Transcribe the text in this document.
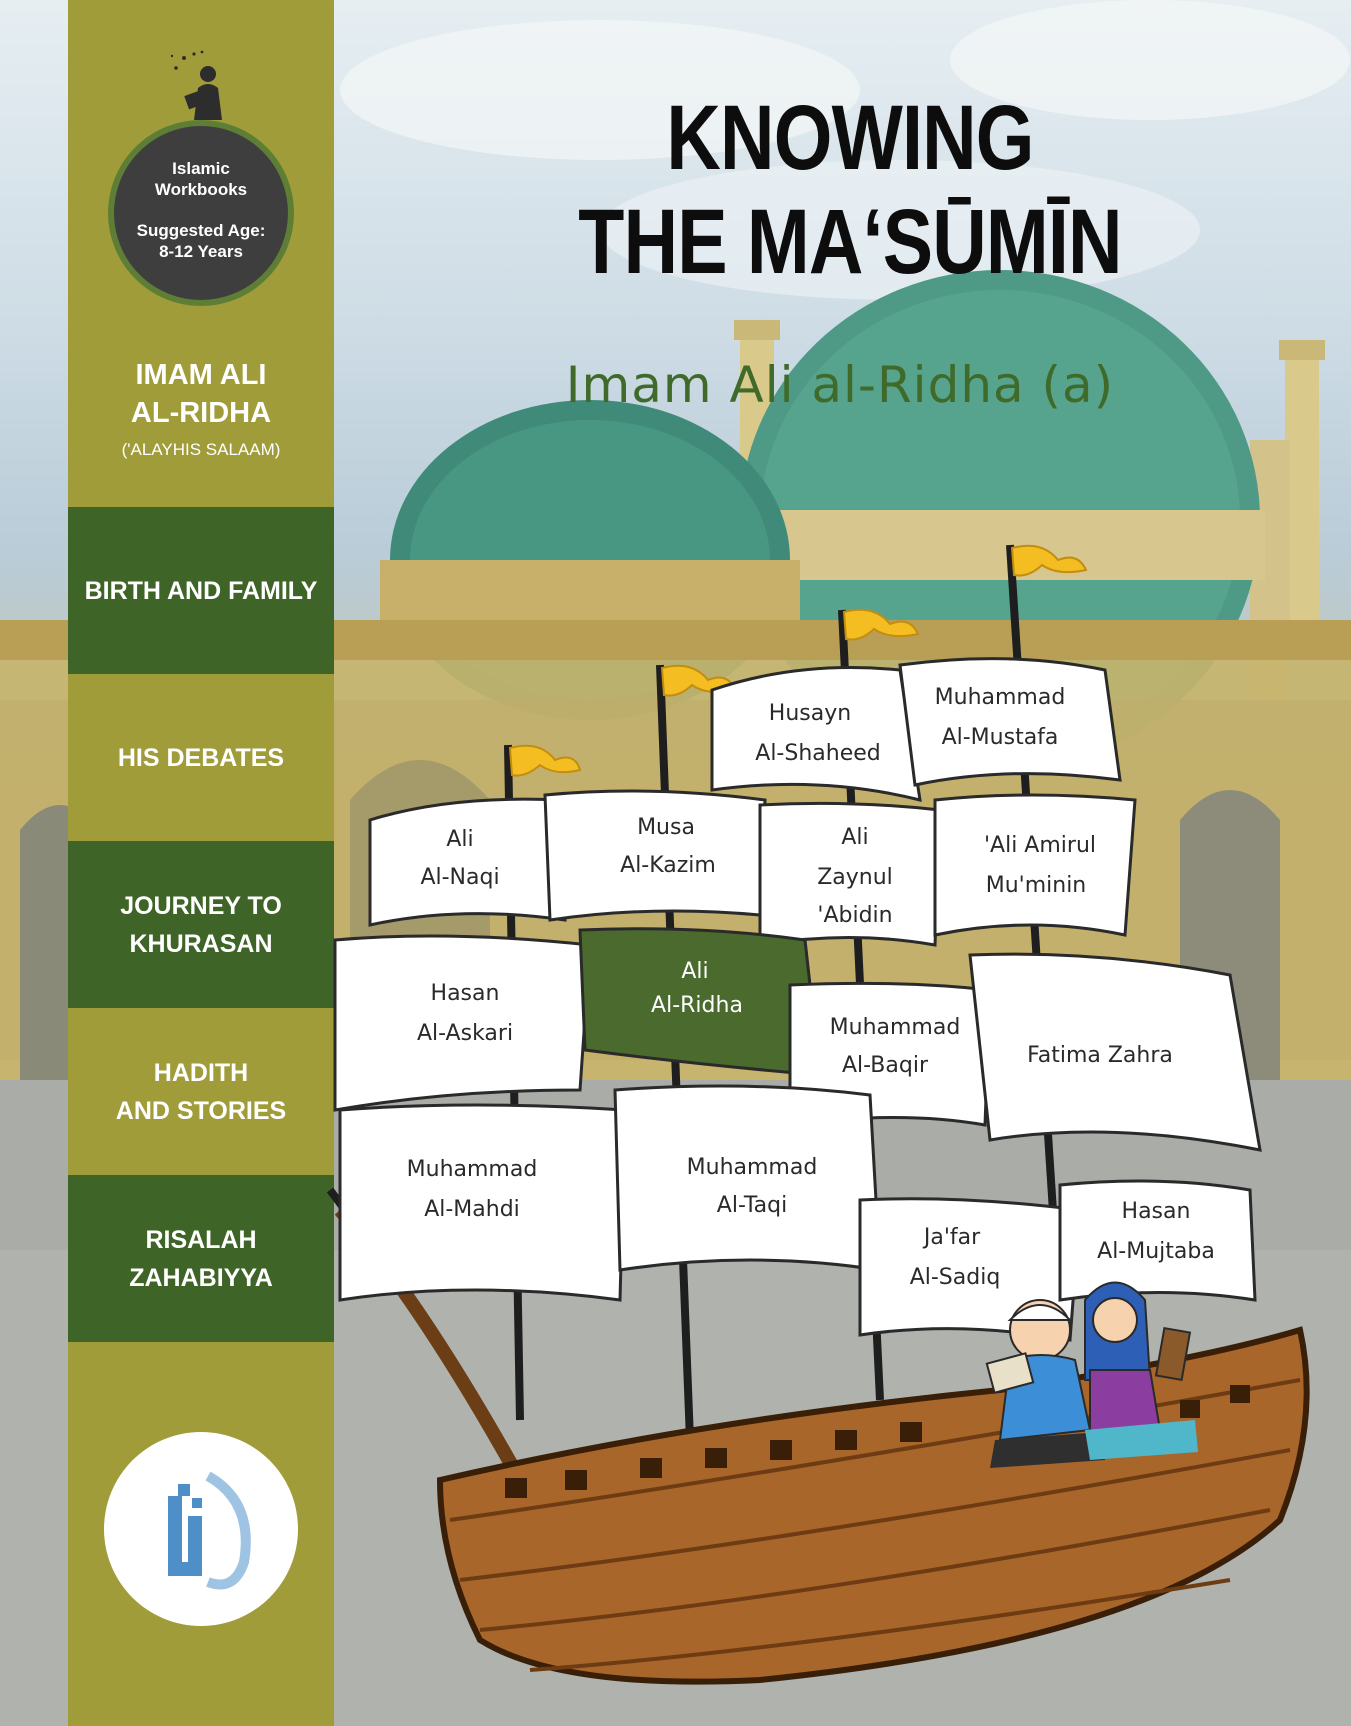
Islamic
Workbooks
Suggested Age:
8-12 Years
IMAM ALI
AL-RIDHA
('ALAYHIS SALAAM)
BIRTH AND FAMILY
HIS DEBATES
JOURNEY TO
KHURASAN
HADITH
AND STORIES
RISALAH
ZAHABIYYA
KNOWING
THE MA‘SŪMĪN
Imam Ali al-Ridha (a)
Husayn
Al-Shaheed
Muhammad
Al-Mustafa
Ali
Al-Naqi
Musa
Al-Kazim
Ali
Zaynul
'Abidin
'Ali Amirul
Mu'minin
Hasan
Al-Askari
Ali
Al-Ridha
Muhammad
Al-Baqir	Fatima Zahra
Muhammad
Al-Mahdi
Muhammad
Al-Taqi
Ja'far
Al-Sadiq
Hasan
Al-Mujtaba
